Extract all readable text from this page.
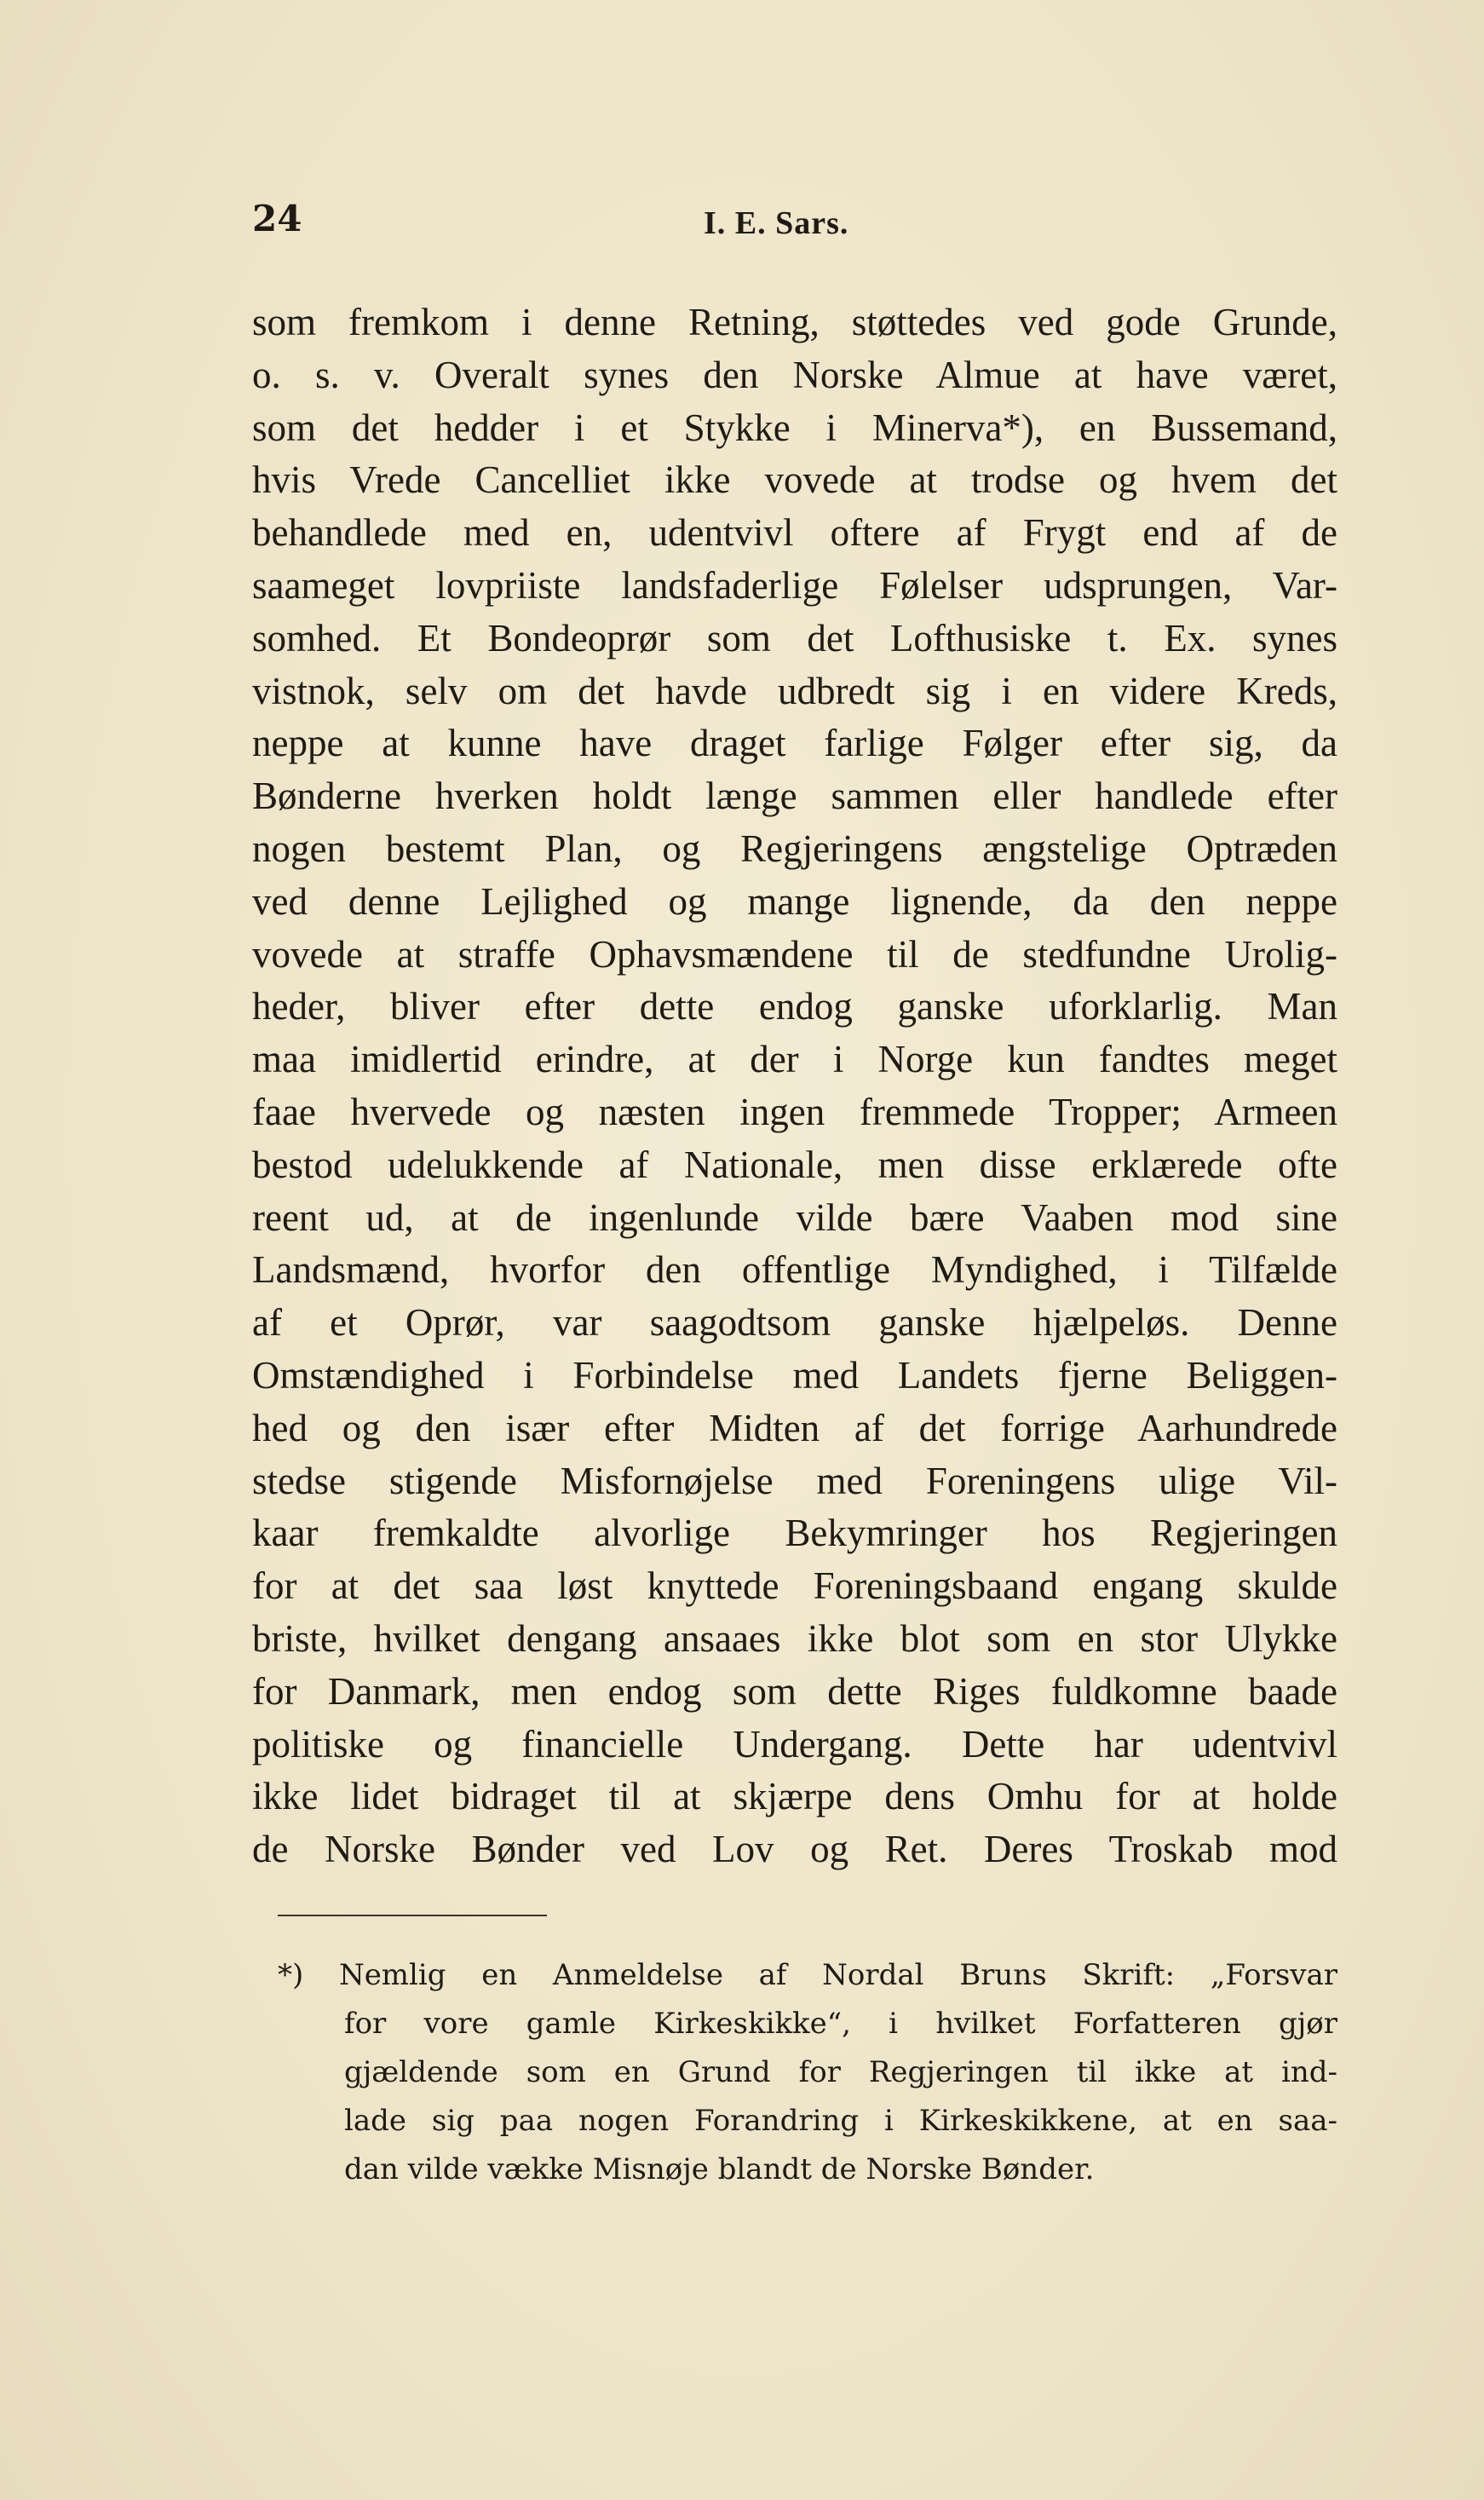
24	I. E. Sars.
som fremkom i denne Retning, støttedes ved gode Grunde,
o. s. v. Overalt synes den Norske Almue at have været,
som det hedder i et Stykke i Minerva*), en Bussemand,
hvis Vrede Cancelliet ikke vovede at trodse og hvem det
behandlede med en, udentvivl oftere af Frygt end af de
saameget lovpriiste landsfaderlige Følelser udsprungen, Var-
somhed. Et Bondeoprør som det Lofthusiske t. Ex. synes
vistnok, selv om det havde udbredt sig i en videre Kreds,
neppe at kunne have draget farlige Følger efter sig, da
Bønderne hverken holdt længe sammen eller handlede efter
nogen bestemt Plan, og Regjeringens ængstelige Optræden
ved denne Lejlighed og mange lignende, da den neppe
vovede at straffe Ophavsmændene til de stedfundne Urolig-
heder, bliver efter dette endog ganske uforklarlig. Man
maa imidlertid erindre, at der i Norge kun fandtes meget
faae hvervede og næsten ingen fremmede Tropper; Armeen
bestod udelukkende af Nationale, men disse erklærede ofte
reent ud, at de ingenlunde vilde bære Vaaben mod sine
Landsmænd, hvorfor den offentlige Myndighed, i Tilfælde
af et Oprør, var saagodtsom ganske hjælpeløs. Denne
Omstændighed i Forbindelse med Landets fjerne Beliggen-
hed og den især efter Midten af det forrige Aarhundrede
stedse stigende Misfornøjelse med Foreningens ulige Vil-
kaar fremkaldte alvorlige Bekymringer hos Regjeringen
for at det saa løst knyttede Foreningsbaand engang skulde
briste, hvilket dengang ansaaes ikke blot som en stor Ulykke
for Danmark, men endog som dette Riges fuldkomne baade
politiske og financielle Undergang. Dette har udentvivl
ikke lidet bidraget til at skjærpe dens Omhu for at holde
de Norske Bønder ved Lov og Ret. Deres Troskab mod
*) Nemlig en Anmeldelse af Nordal Bruns Skrift: „Forsvar
for vore gamle Kirkeskikke“, i hvilket Forfatteren gjør
gjældende som en Grund for Regjeringen til ikke at ind-
lade sig paa nogen Forandring i Kirkeskikkene, at en saa-
dan vilde vække Misnøje blandt de Norske Bønder.
